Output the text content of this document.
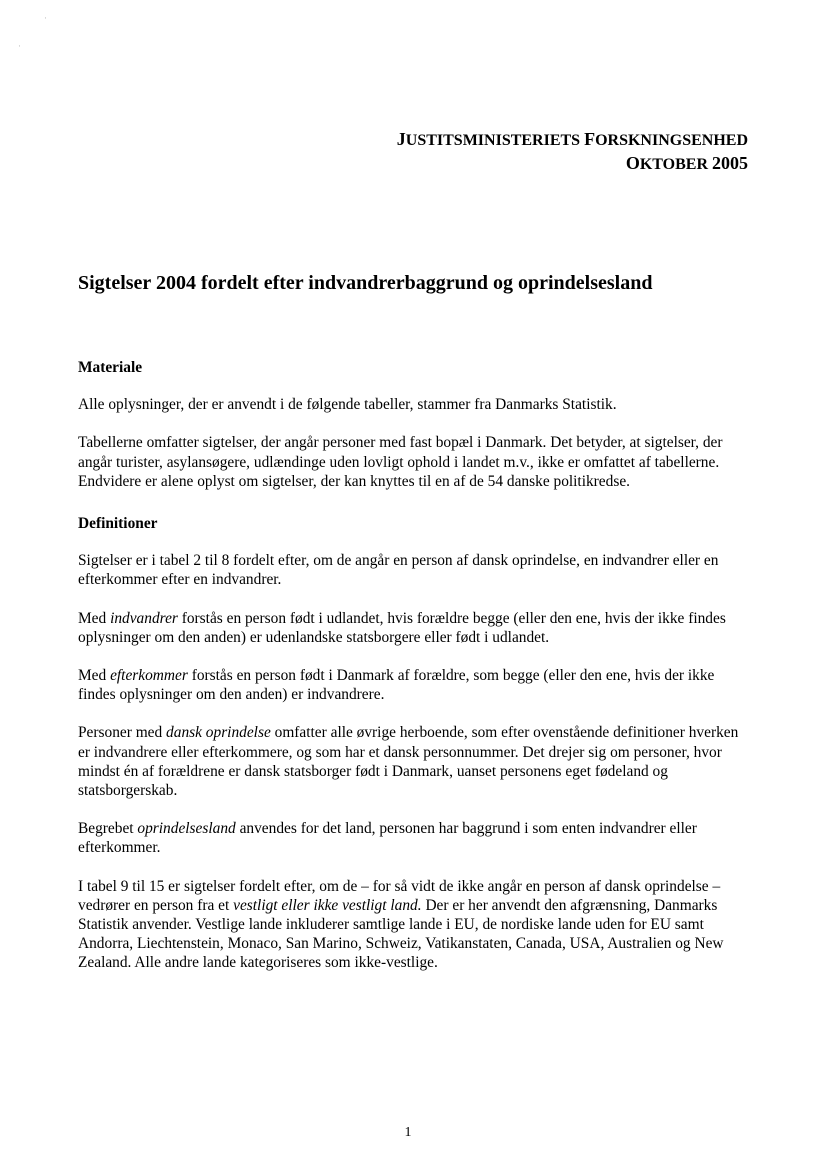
·
·
JUSTITSMINISTERIETS FORSKNINGSENHED
OKTOBER 2005
Sigtelser 2004 fordelt efter indvandrerbaggrund og oprindelsesland
Materiale

Alle oplysninger, der er anvendt i de følgende tabeller, stammer fra Danmarks Statistik.

Tabellerne omfatter sigtelser, der angår personer med fast bopæl i Danmark. Det betyder, at sigtelser, der angår turister, asylansøgere, udlændinge uden lovligt ophold i landet m.v., ikke er omfattet af tabellerne. Endvidere er alene oplyst om sigtelser, der kan knyttes til en af de 54 danske politikredse.

Definitioner

Sigtelser er i tabel 2 til 8 fordelt efter, om de angår en person af dansk oprindelse, en indvandrer eller en efterkommer efter en indvandrer.

Med indvandrer forstås en person født i udlandet, hvis forældre begge (eller den ene, hvis der ikke findes oplysninger om den anden) er udenlandske statsborgere eller født i udlandet.

Med efterkommer forstås en person født i Danmark af forældre, som begge (eller den ene, hvis der ikke findes oplysninger om den anden) er indvandrere.

Personer med dansk oprindelse omfatter alle øvrige herboende, som efter ovenstående definitioner hverken er indvandrere eller efterkommere, og som har et dansk personnummer. Det drejer sig om personer, hvor mindst én af forældrene er dansk statsborger født i Danmark, uanset personens eget fødeland og statsborgerskab.

Begrebet oprindelsesland anvendes for det land, personen har baggrund i som enten indvandrer eller efterkommer.

I tabel 9 til 15 er sigtelser fordelt efter, om de – for så vidt de ikke angår en person af dansk oprindelse – vedrører en person fra et vestligt eller ikke vestligt land. Der er her anvendt den afgrænsning, Danmarks Statistik anvender. Vestlige lande inkluderer samtlige lande i EU, de nordiske lande uden for EU samt Andorra, Liechtenstein, Monaco, San Marino, Schweiz, Vatikanstaten, Canada, USA, Australien og New Zealand. Alle andre lande kategoriseres som ikke-vestlige.

1
